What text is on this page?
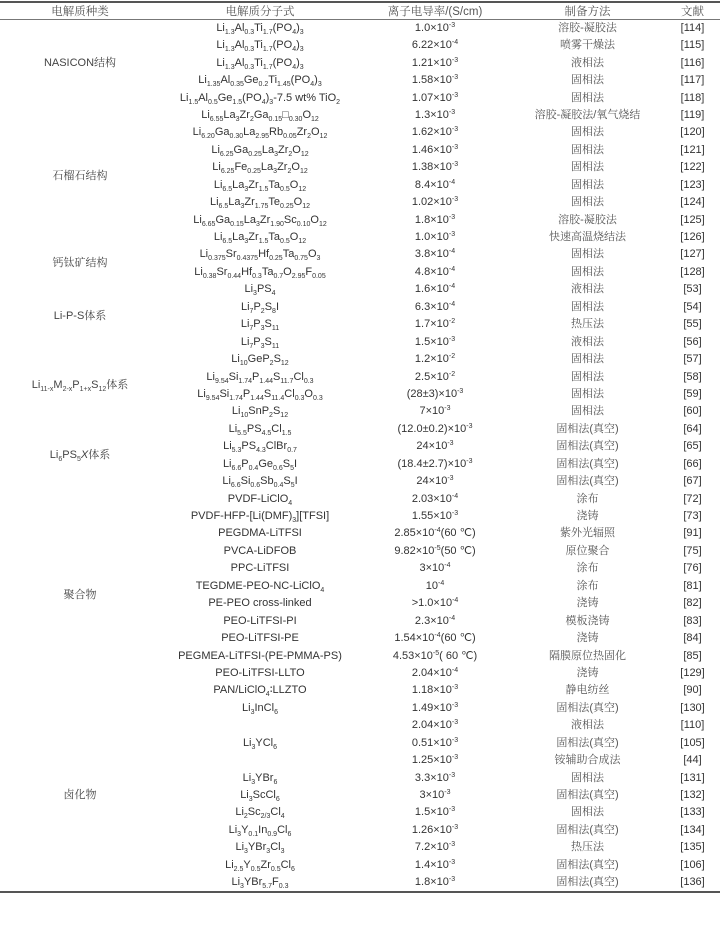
电解质种类	电解质分子式	离子电导率/(S/cm)	制备方法	文献
NASICON结构	$Li_{1.3}Al_{0.3}Ti_{1.7}(PO_4)_3$	$1.0\times 10^{-3}$	溶胶-凝胶法	[114]
	$Li_{1.3}Al_{0.3}Ti_{1.7}(PO_4)_3$	$6.22\times 10^{-4}$	喷雾干燥法	[115]
	$Li_{1.3}Al_{0.3}Ti_{1.7}(PO_4)_3$	$1.21\times 10^{-3}$	液相法	[116]
	$Li_{1.35}Al_{0.35}Ge_{0.2}Ti_{1.45}(PO_4)_3$	$1.58\times 10^{-3}$	固相法	[117]
	$Li_{1.5}Al_{0.5}Ge_{1.5}(PO_4)_3-7.5$ wt% TiO$_2$	$1.07\times 10^{-3}$	固相法	[118]
石榴石结构	$Li_{6.55}La_3Zr_2Ga_{0.15}□_{0.30}O_{12}$	$1.3\times 10^{-3}$	溶胶-凝胶法/氧气烧结	[119]
	$Li_{6.20}Ga_{0.30}La_{2.95}Rb_{0.05}Zr_2O_{12}$	$1.62\times 10^{-3}$	固相法	[120]
	$Li_{6.25}Ga_{0.25}La_3Zr_2O_{12}$	$1.46\times 10^{-3}$	固相法	[121]
	$Li_{6.25}Fe_{0.25}La_3Zr_2O_{12}$	$1.38\times 10^{-3}$	固相法	[122]
	$Li_{6.5}La_3Zr_{1.5}Ta_{0.5}O_{12}$	$8.4\times 10^{-4}$	固相法	[123]
	$Li_{6.5}La_3Zr_{1.75}Te_{0.25}O_{12}$	$1.02\times 10^{-3}$	固相法	[124]
	$Li_{6.65}Ga_{0.15}La_3Zr_{1.90}Sc_{0.10}O_{12}$	$1.8\times 10^{-3}$	溶胶-凝胶法	[125]
	$Li_{6.5}La_3Zr_{1.5}Ta_{0.5}O_{12}$	$1.0\times 10^{-3}$	快速高温烧结法	[126]
钙钛矿结构	$Li_{0.375}Sr_{0.4375}Hf_{0.25}Ta_{0.75}O_3$	$3.8\times 10^{-4}$	固相法	[127]
	$Li_{0.38}Sr_{0.44}Hf_{0.3}Ta_{0.7}O_{2.95}F_{0.05}$	$4.8\times 10^{-4}$	固相法	[128]
Li-P-S体系	$Li_3PS_4$	$1.6\times 10^{-4}$	液相法	[53]
	$Li_7P_2S_8I$	$6.3\times 10^{-4}$	固相法	[54]
	$Li_7P_3S_{11}$	$1.7\times 10^{-2}$	热压法	[55]
	$Li_7P_3S_{11}$	$1.5\times 10^{-3}$	液相法	[56]
$Li_{11-x}M_{2-x}P_{1+x}S_{12}$体系	$Li_{10}GeP_2S_{12}$	$1.2\times 10^{-2}$	固相法	[57]
	$Li_{9.54}Si_{1.74}P_{1.44}S_{11.7}Cl_{0.3}$	$2.5\times 10^{-2}$	固相法	[58]
	$Li_{9.54}Si_{1.74}P_{1.44}S_{11.4}Cl_{0.3}O_{0.3}$	$(28\pm 3)\times 10^{-3}$	固相法	[59]
	$Li_{10}SnP_2S_{12}$	$7\times 10^{-3}$	固相法	[60]
$Li_6PS_5X$体系	$Li_{5.5}PS_{4.5}Cl_{1.5}$	$(12.0\pm 0.2)\times 10^{-3}$	固相法(真空)	[64]
	$Li_{5.3}PS_{4.3}ClBr_{0.7}$	$24\times 10^{-3}$	固相法(真空)	[65]
	$Li_{6.6}P_{0.4}Ge_{0.6}S_5I$	$(18.4\pm 2.7)\times 10^{-3}$	固相法(真空)	[66]
	$Li_{6.6}Si_{0.6}Sb_{0.4}S_5I$	$24\times 10^{-3}$	固相法(真空)	[67]
聚合物	PVDF-LiClO$_4$	$2.03\times 10^{-4}$	涂布	[72]
	PVDF-$HFP-[Li(DMF)_3][TFSI]$	$1.55\times 10^{-3}$	浇铸	[73]
	PEGDMA-LiTFSI	$2.85\times 10^{-4}(60$ ℃)	紫外光辐照	[91]
	PVCA-LiDFOB	$9.82\times 10^{-5}(50$ ℃)	原位聚合	[75]
	PPC-LiTFSI	$3\times 10^{-4}$	涂布	[76]
	TEGDME-PEO-NC-LiClO$_4$	$10^{-4}$	涂布	[81]
	PE-PEO cross-linked	$>1.0\times 10^{-4}$	浇铸	[82]
	PEO-LiTFSI-PI	$2.3\times 10^{-4}$	模板浇铸	[83]
	PEO-LiTFSI-PE	$1.54\times 10^{-4}(60$ ℃)	浇铸	[84]
	PEGMEA-LiTFSI-(PE-PMMA-PS)	$4.53\times 10^{-5}$( 60 ℃)	隔膜原位热固化	[85]
	PEO-LiTFSI-LLTO	$2.04\times 10^{-4}$	浇铸	[129]
	PAN/LiClO$_4$∶LLZTO	$1.18\times 10^{-3}$	静电纺丝	[90]
卤化物	$Li_3InCl_6$	$1.49\times 10^{-3}$	固相法(真空)	[130]
	$Li_3YCl_6$	$2.04\times 10^{-3}$	液相法	[110]
		$0.51\times 10^{-3}$	固相法(真空)	[105]
		$1.25\times 10^{-3}$	铵辅助合成法	[44]
	$Li_3YBr_6$	$3.3\times 10^{-3}$	固相法	[131]
	$Li_3ScCl_6$	$3\times 10^{-3}$	固相法(真空)	[132]
	$Li_2Sc_{2/3}Cl_4$	$1.5\times 10^{-3}$	固相法	[133]
	$Li_3Y_{0.1}In_{0.9}Cl_6$	$1.26\times 10^{-3}$	固相法(真空)	[134]
	$Li_3YBr_3Cl_3$	$7.2\times 10^{-3}$	热压法	[135]
	$Li_{2.5}Y_{0.5}Zr_{0.5}Cl_6$	$1.4\times 10^{-3}$	固相法(真空)	[106]
	$Li_3YBr_{5.7}F_{0.3}$	$1.8\times 10^{-3}$	固相法(真空)	[136]
